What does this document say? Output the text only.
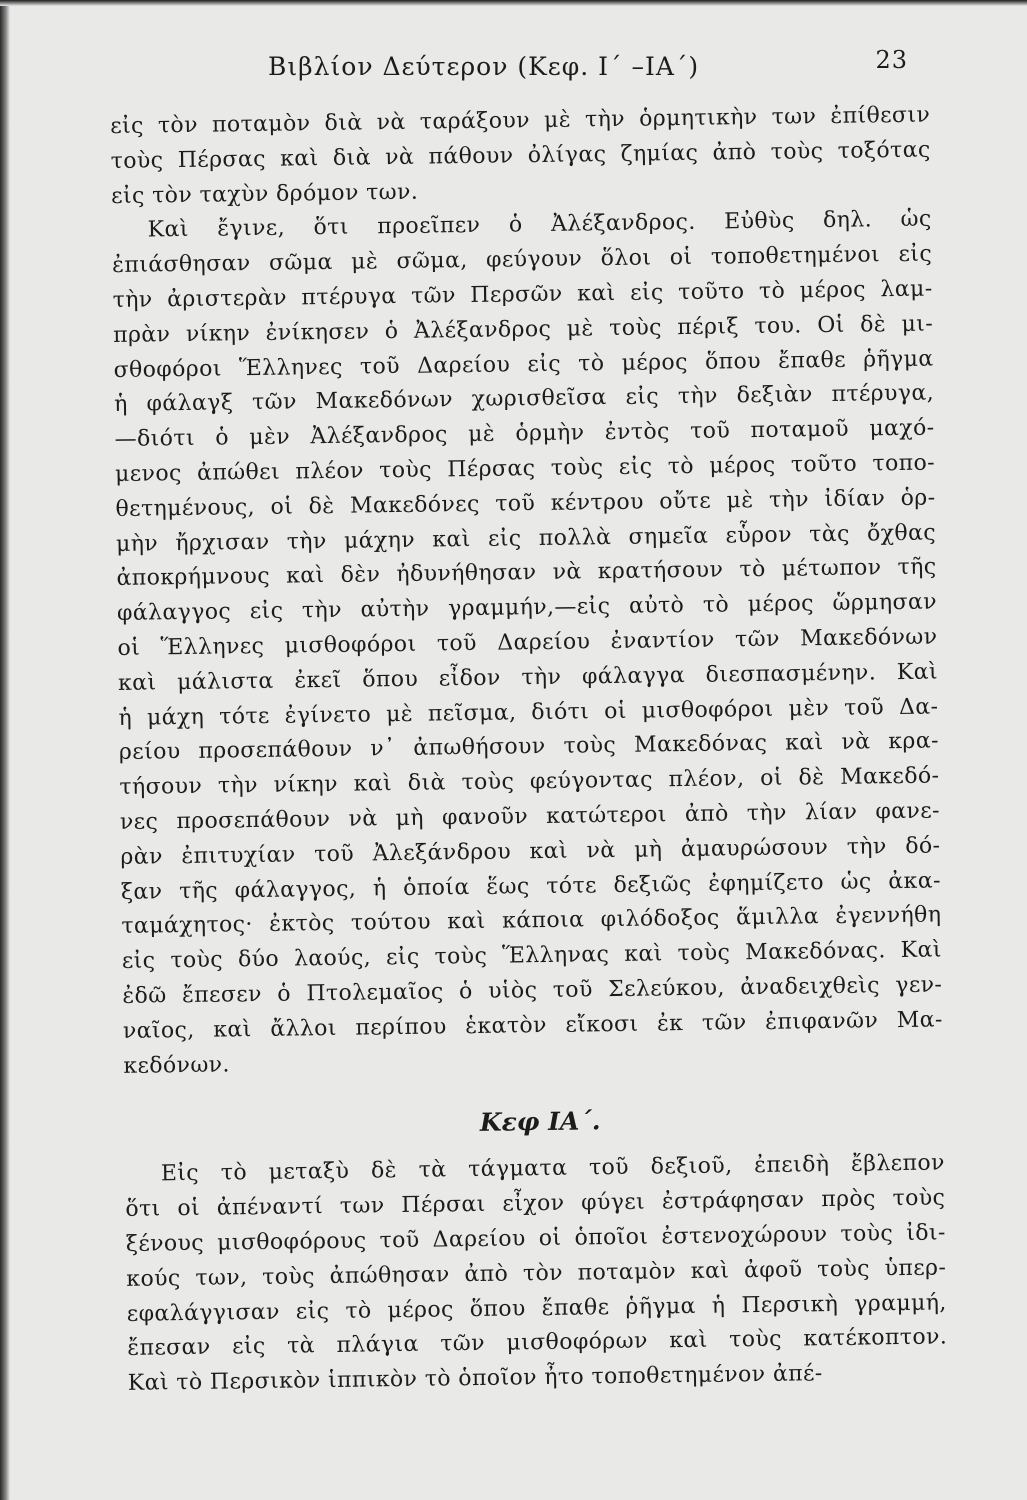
Βιβλίον Δεύτερον (Κεφ. Ι΄ –ΙΑ΄)	23
εἰς τὸν ποταμὸν διὰ νὰ ταράξουν μὲ τὴν ὁρμητικὴν των ἐπίθεσιν
τοὺς Πέρσας καὶ διὰ νὰ πάθουν ὀλίγας ζημίας ἀπὸ τοὺς τοξότας
εἰς τὸν ταχὺν δρόμον των.
Καὶ ἔγινε, ὅτι προεῖπεν ὁ Ἀλέξανδρος. Εὐθὺς δηλ. ὡς
ἐπιάσθησαν σῶμα μὲ σῶμα, φεύγουν ὅλοι οἱ τοποθετημένοι εἰς
τὴν ἀριστερὰν πτέρυγα τῶν Περσῶν καὶ εἰς τοῦτο τὸ μέρος λαμ-
πρὰν νίκην ἐνίκησεν ὁ Ἀλέξανδρος μὲ τοὺς πέριξ του. Οἱ δὲ μι-
σθοφόροι Ἕλληνες τοῦ Δαρείου εἰς τὸ μέρος ὅπου ἔπαθε ῥῆγμα
ἡ φάλαγξ τῶν Μακεδόνων χωρισθεῖσα εἰς τὴν δεξιὰν πτέρυγα,
—διότι ὁ μὲν Ἀλέξανδρος μὲ ὁρμὴν ἐντὸς τοῦ ποταμοῦ μαχό-
μενος ἀπώθει πλέον τοὺς Πέρσας τοὺς εἰς τὸ μέρος τοῦτο τοπο-
θετημένους, οἱ δὲ Μακεδόνες τοῦ κέντρου οὔτε μὲ τὴν ἰδίαν ὁρ-
μὴν ἤρχισαν τὴν μάχην καὶ εἰς πολλὰ σημεῖα εὗρον τὰς ὄχθας
ἀποκρήμνους καὶ δὲν ἠδυνήθησαν νὰ κρατήσουν τὸ μέτωπον τῆς
φάλαγγος εἰς τὴν αὐτὴν γραμμήν,—εἰς αὐτὸ τὸ μέρος ὥρμησαν
οἱ Ἕλληνες μισθοφόροι τοῦ Δαρείου ἐναντίον τῶν Μακεδόνων
καὶ μάλιστα ἐκεῖ ὅπου εἶδον τὴν φάλαγγα διεσπασμένην. Καὶ
ἡ μάχη τότε ἐγίνετο μὲ πεῖσμα, διότι οἱ μισθοφόροι μὲν τοῦ Δα-
ρείου προσεπάθουν ν᾿ ἀπωθήσουν τοὺς Μακεδόνας καὶ νὰ κρα-
τήσουν τὴν νίκην καὶ διὰ τοὺς φεύγοντας πλέον, οἱ δὲ Μακεδό-
νες προσεπάθουν νὰ μὴ φανοῦν κατώτεροι ἀπὸ τὴν λίαν φανε-
ρὰν ἐπιτυχίαν τοῦ Ἀλεξάνδρου καὶ νὰ μὴ ἀμαυρώσουν τὴν δό-
ξαν τῆς φάλαγγος, ἡ ὁποία ἕως τότε δεξιῶς ἐφημίζετο ὡς ἀκα-
ταμάχητος· ἐκτὸς τούτου καὶ κάποια φιλόδοξος ἅμιλλα ἐγεννήθη
εἰς τοὺς δύο λαούς, εἰς τοὺς Ἕλληνας καὶ τοὺς Μακεδόνας. Καὶ
ἐδῶ ἔπεσεν ὁ Πτολεμαῖος ὁ υἱὸς τοῦ Σελεύκου, ἀναδειχθεὶς γεν-
ναῖος, καὶ ἄλλοι περίπου ἑκατὸν εἴκοσι ἐκ τῶν ἐπιφανῶν Μα-
κεδόνων.
Κεφ ΙΑ΄.
Εἰς τὸ μεταξὺ δὲ τὰ τάγματα τοῦ δεξιοῦ, ἐπειδὴ ἔβλεπον
ὅτι οἱ ἀπέναντί των Πέρσαι εἶχον φύγει ἐστράφησαν πρὸς τοὺς
ξένους μισθοφόρους τοῦ Δαρείου οἱ ὁποῖοι ἐστενοχώρουν τοὺς ἰδι-
κούς των, τοὺς ἀπώθησαν ἀπὸ τὸν ποταμὸν καὶ ἀφοῦ τοὺς ὑπερ-
εφαλάγγισαν εἰς τὸ μέρος ὅπου ἔπαθε ῥῆγμα ἡ Περσικὴ γραμμή,
ἔπεσαν εἰς τὰ πλάγια τῶν μισθοφόρων καὶ τοὺς κατέκοπτον.
Καὶ τὸ Περσικὸν ἱππικὸν τὸ ὁποῖον ἦτο τοποθετημένον ἀπέ-
